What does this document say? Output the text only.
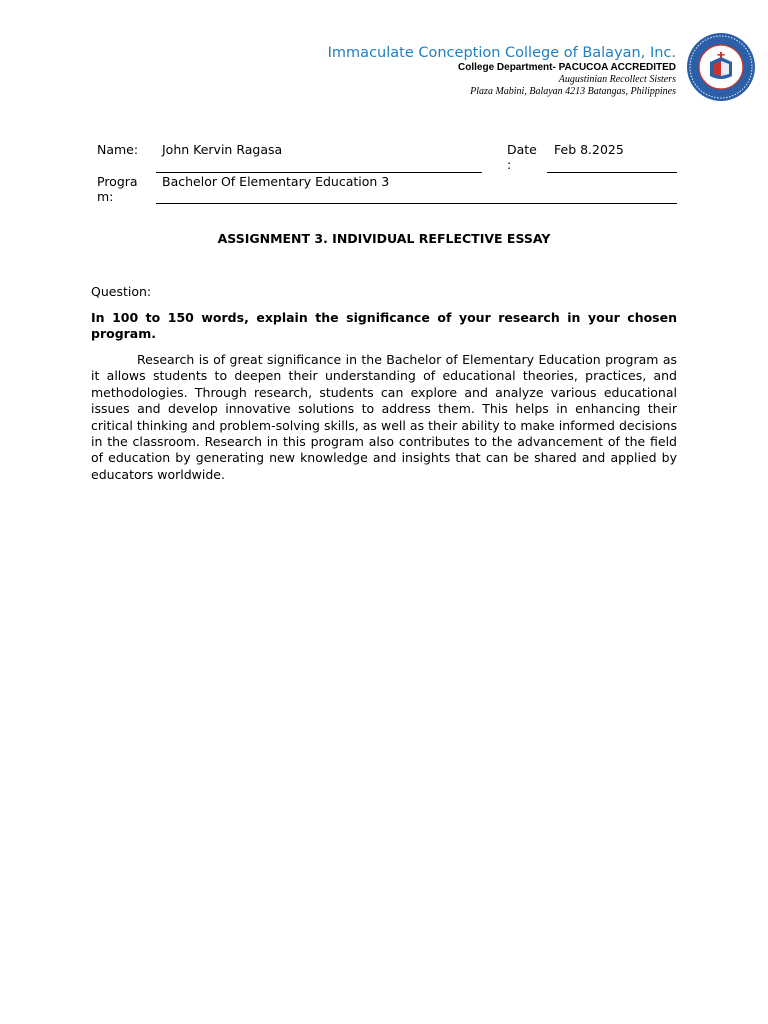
Immaculate Conception College of Balayan, Inc.
College Department- PACUCOA ACCREDITED
Augustinian Recollect Sisters
Plaza Mabini, Balayan 4213 Batangas, Philippines
Name: John Kervin Ragasa	Date
:
Feb 8.2025
Progra
m:
Bachelor Of Elementary Education 3
ASSIGNMENT 3. INDIVIDUAL REFLECTIVE ESSAY
Question:
In 100 to 150 words, explain the significance of your research in your chosen program.
Research is of great significance in the Bachelor of Elementary Education program as it allows students to deepen their understanding of educational theories, practices, and methodologies. Through research, students can explore and analyze various educational issues and develop innovative solutions to address them. This helps in enhancing their critical thinking and problem-solving skills, as well as their ability to make informed decisions in the classroom. Research in this program also contributes to the advancement of the field of education by generating new knowledge and insights that can be shared and applied by educators worldwide.
